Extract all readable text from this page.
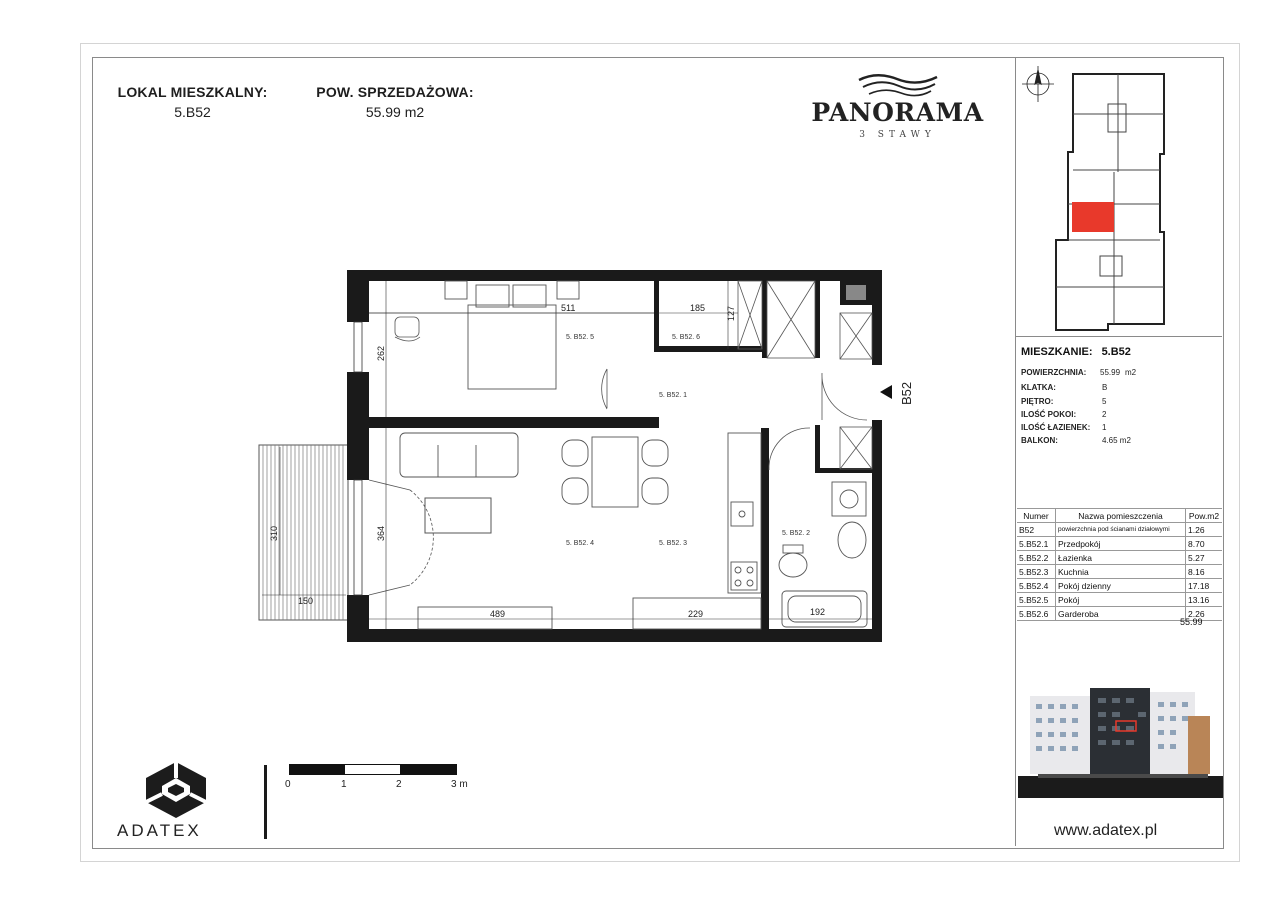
LOKAL MIESZKALNY:
5.B52
POW. SPRZEDAŻOWA:
55.99 m2	PANORAMA
3 STAWY
5. B52. 5	5. B52. 6
5. B52. 1
5. B52. 2
5. B52. 3
5. B52. 4
B52
511	185 127
262
364
310
150
489	229	192
MIESZKANIE: 5.B52
POWIERZCHNIA: 55.99 m2
KLATKA:	B
PIĘTRO:	5
ILOŚĆ POKOI:	2
ILOŚĆ ŁAZIENEK: 1
BALKON:	4.65 m2
Numer	Nazwa pomieszczenia	Pow.m2
B52	powierzchnia pod ścianami działowymi	1.26
5.B52.1	Przedpokój	8.70
5.B52.2	Łazienka	5.27
5.B52.3	Kuchnia	8.16
5.B52.4	Pokój dzienny	17.18
5.B52.5	Pokój	13.16
5.B52.6	Garderoba	2.26
55.99
www.adatex.pl
ADATEX
0	1	2	3 m
